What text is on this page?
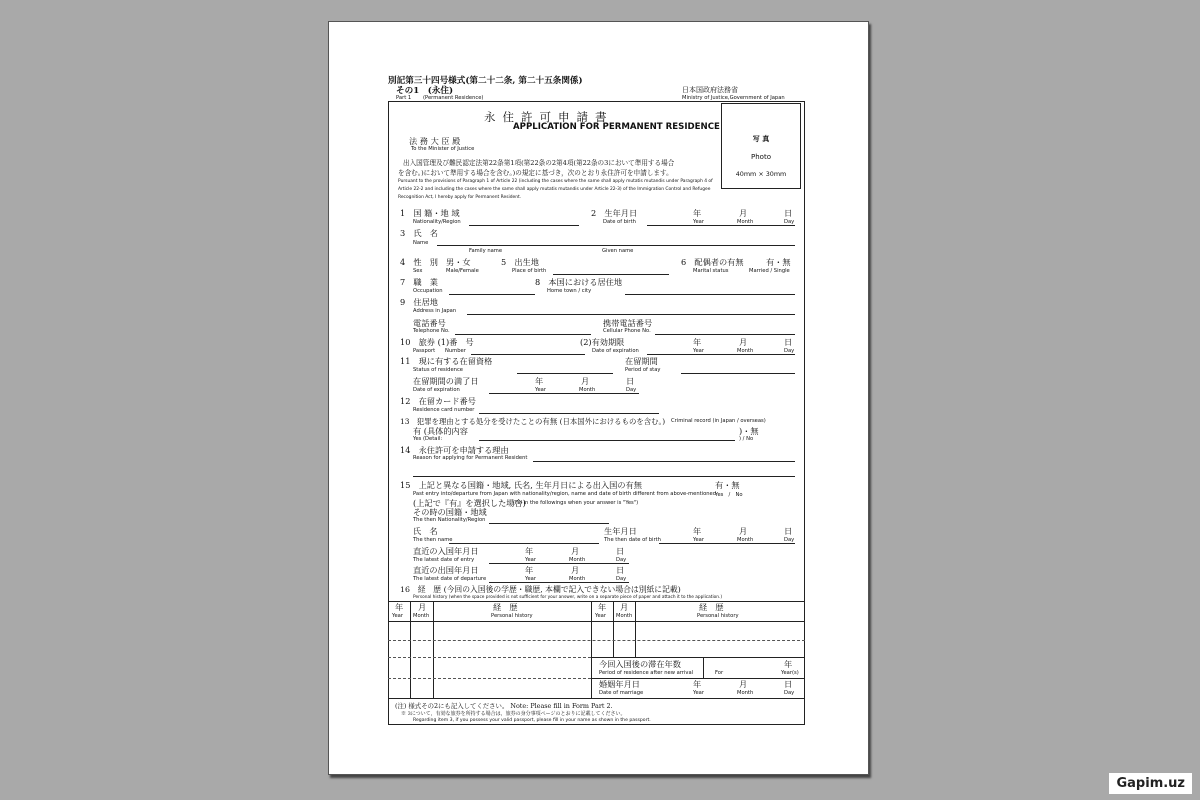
別記第三十四号様式(第二十二条, 第二十五条関係)
その1　(永住)
Part 1 (Permanent Residence)
日本国政府法務省
Ministry of Justice,Government of Japan
永住許可申請書
APPLICATION FOR PERMANENT RESIDENCE
写 真
Photo
40mm × 30mm
法 務 大 臣 殿
To the Minister of Justice
出入国管理及び難民認定法第22条第1項(第22条の2第4項(第22条の3において準用する場合
を含む。)において準用する場合を含む。)の規定に基づき，次のとおり永住許可を申請します。
Pursuant to the provisions of Paragraph 1 of Article 22 (including the cases where the same shall apply mutatis mutandis under Paragraph 4 of
Article 22-2 and including the cases where the same shall apply mutatis mutandis under Article 22-3) of the Immigration Control and Refugee
Recognition Act, I hereby apply for Permanent Resident.
1　国 籍・地 域
Nationality/Region
2　生年月日
Date of birth
年	月	日
Year	Month	Day
3　氏　名
Name
Family name	Given name
4　性　別
Sex
男・女
Male/Female
5　出生地
Place of birth
6　配偶者の有無
Marital status
有・無
Married / Single
7　職　業
Occupation
8　本国における居住地
Home town / city
9　住居地
Address in Japan
電話番号
Telephone No.
携帯電話番号
Cellular Phone No.
10　旅券 (1)番　号
Passport Number
(2)有効期限
Date of expiration
年	月	日
Year	Month	Day
11　現に有する在留資格
Status of residence
在留期間
Period of stay
在留期間の満了日
Date of expiration
年	月	日
Year	Month	Day
12　在留カード番号
Residence card number
13　犯罪を理由とする処分を受けたことの有無 (日本国外におけるものを含む。) Criminal record (in Japan / overseas)
有 (具体的内容
Yes (Detail:
)・無
) / No
14　永住許可を申請する理由
Reason for applying for Permanent Resident
15　上記と異なる国籍・地域, 氏名, 生年月日による出入国の有無	有・無
Past entry into/departure from Japan with nationality/region, name and date of birth different from above-mentioned
Yes　/　No
(上記で『有』を選択した場合)
(Fill in the followings when your answer is "Yes")
その時の国籍・地域
The then Nationality/Region
氏　名
The then name
生年月日
The then date of birth
年	月	日
Year	Month	Day
直近の入国年月日
The latest date of entry
年	月	日
Year	Month	Day
直近の出国年月日
The latest date of departure
年	月	日
Year	Month	Day
16　経　歴 (今回の入国後の学歴・職歴, 本欄で記入できない場合は別紙に記載)
Personal history (when the space provided is not sufficient for your answer, write on a separate piece of paper and attach it to the application.)
年
Year
月
Month
経　歴
Personal history
年
Year
月
Month
経　歴
Personal history
今回入国後の滞在年数
Period of residence after new arrival	For
年
Year(s)
婚姻年月日
Date of marriage
年	月	日
Year	Month	Day
(注) 様式その2にも記入してください。 Note: Please fill in Form Part 2.
※ 3について，有効な旅券を所持する場合は，旅券の身分事項ページのとおりに記載してください。
Regarding item 3, if you possess your valid passport, please fill in your name as shown in the passport.
Gapim.uz
